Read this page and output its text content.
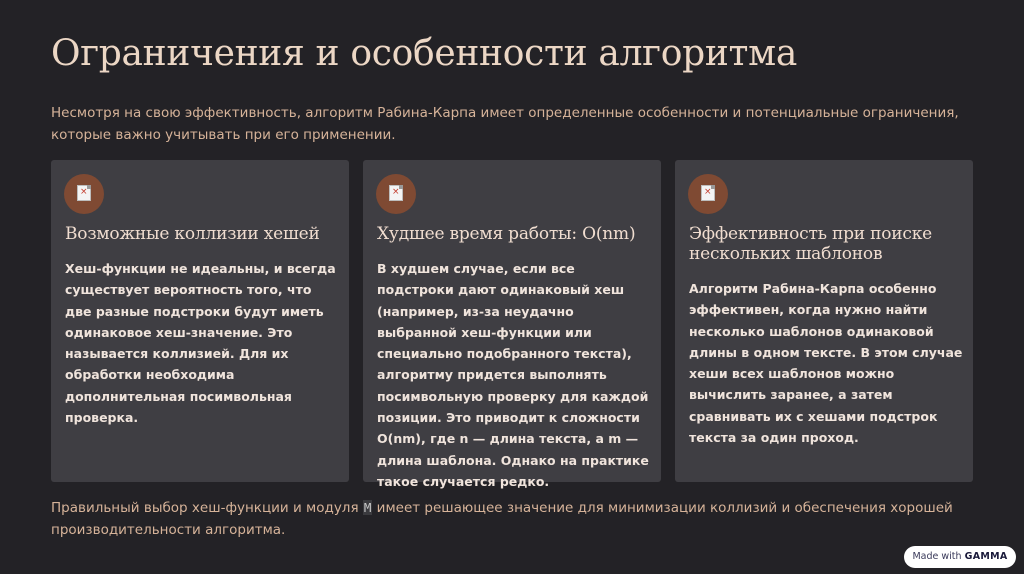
Ограничения и особенности алгоритма

Несмотря на свою эффективность, алгоритм Рабина-Карпа имеет определенные особенности и потенциальные ограничения, которые важно учитывать при его применении.

×
Возможные коллизии хешей

Хеш-функции не идеальны, и всегда существует вероятность того, что две разные подстроки будут иметь одинаковое хеш-значение. Это называется коллизией. Для их обработки необходима дополнительная посимвольная проверка.

×
Худшее время работы: O(nm)

В худшем случае, если все подстроки дают одинаковый хеш (например, из-за неудачно выбранной хеш-функции или специально подобранного текста), алгоритму придется выполнять посимвольную проверку для каждой позиции. Это приводит к сложности O(nm), где n — длина текста, а m — длина шаблона. Однако на практике такое случается редко.

×
Эффективность при поиске нескольких шаблонов

Алгоритм Рабина-Карпа особенно эффективен, когда нужно найти несколько шаблонов одинаковой длины в одном тексте. В этом случае хеши всех шаблонов можно вычислить заранее, а затем сравнивать их с хешами подстрок текста за один проход.

Правильный выбор хеш-функции и модуля M имеет решающее значение для минимизации коллизий и обеспечения хорошей производительности алгоритма.

Made with GAMMA
